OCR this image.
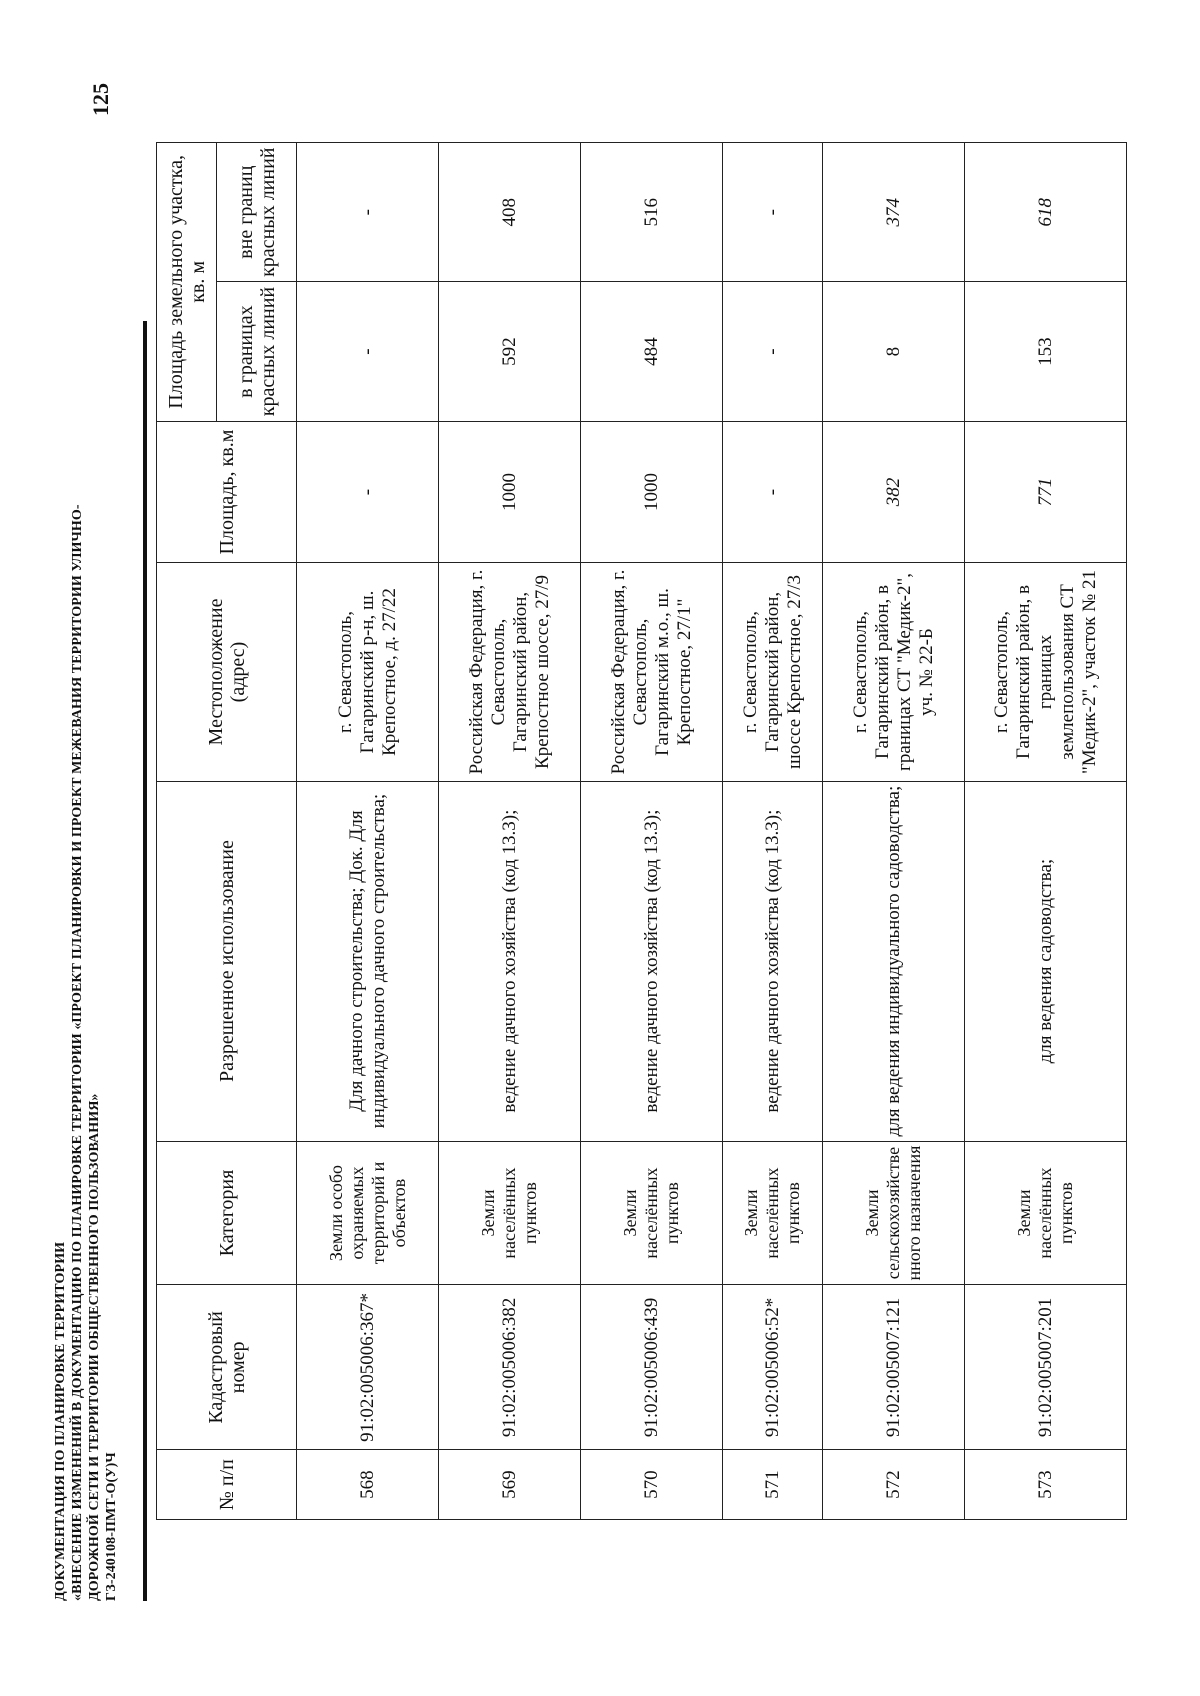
125
ДОКУМЕНТАЦИЯ ПО ПЛАНИРОВКЕ ТЕРРИТОРИИ «ВНЕСЕНИЕ ИЗМЕНЕНИЙ В ДОКУМЕНТАЦИЮ ПО ПЛАНИРОВКЕ ТЕРРИТОРИИ «ПРОЕКТ ПЛАНИРОВКИ И ПРОЕКТ МЕЖЕВАНИЯ ТЕРРИТОРИИ УЛИЧНО- ДОРОЖНОЙ СЕТИ И ТЕРРИТОРИИ ОБЩЕСТВЕННОГО ПОЛЬЗОВАНИЯ» ГЗ-240108-ПМТ-О(У)Ч	№ п/п	Кадастровый номер	Категория	Разрешенное использование	Местоположение (адрес)	Площадь, кв.м	Площадь земельного участка, кв. м	
						в границах красных линий	вне границ красных линий
568	91:02:005006:367*	Земли особо охраняемых территорий и объектов	Для дачного строительства; Док. Для индивидуального дачного строительства;	г. Севастополь, Гагаринский р-н, ш. Крепостное, д. 27/22	-	-	-
569	91:02:005006:382	Земли населённых пунктов	ведение дачного хозяйства (код 13.3);	Российская Федерация, г. Севастополь, Гагаринский район, Крепостное шоссе, 27/9	1000	592	408
570	91:02:005006:439	Земли населённых пунктов	ведение дачного хозяйства (код 13.3);	Российская Федерация, г. Севастополь, Гагаринский м.о., ш. Крепостное, 27/1"	1000	484	516
571	91:02:005006:52*	Земли населённых пунктов	ведение дачного хозяйства (код 13.3);	г. Севастополь, Гагаринский район, шоссе Крепостное, 27/3	-	-	-
572	91:02:005007:121	Земли сельскохозяйстве нного назначения	для ведения индивидуального садоводства;	г. Севастополь, Гагаринский район, в границах СТ "Медик-2", уч. № 22-Б	382	8	374
573	91:02:005007:201	Земли населённых пунктов	для ведения садоводства;	г. Севастополь, Гагаринский район, в границах землепользования СТ "Медик-2", участок № 21	771	153	618
